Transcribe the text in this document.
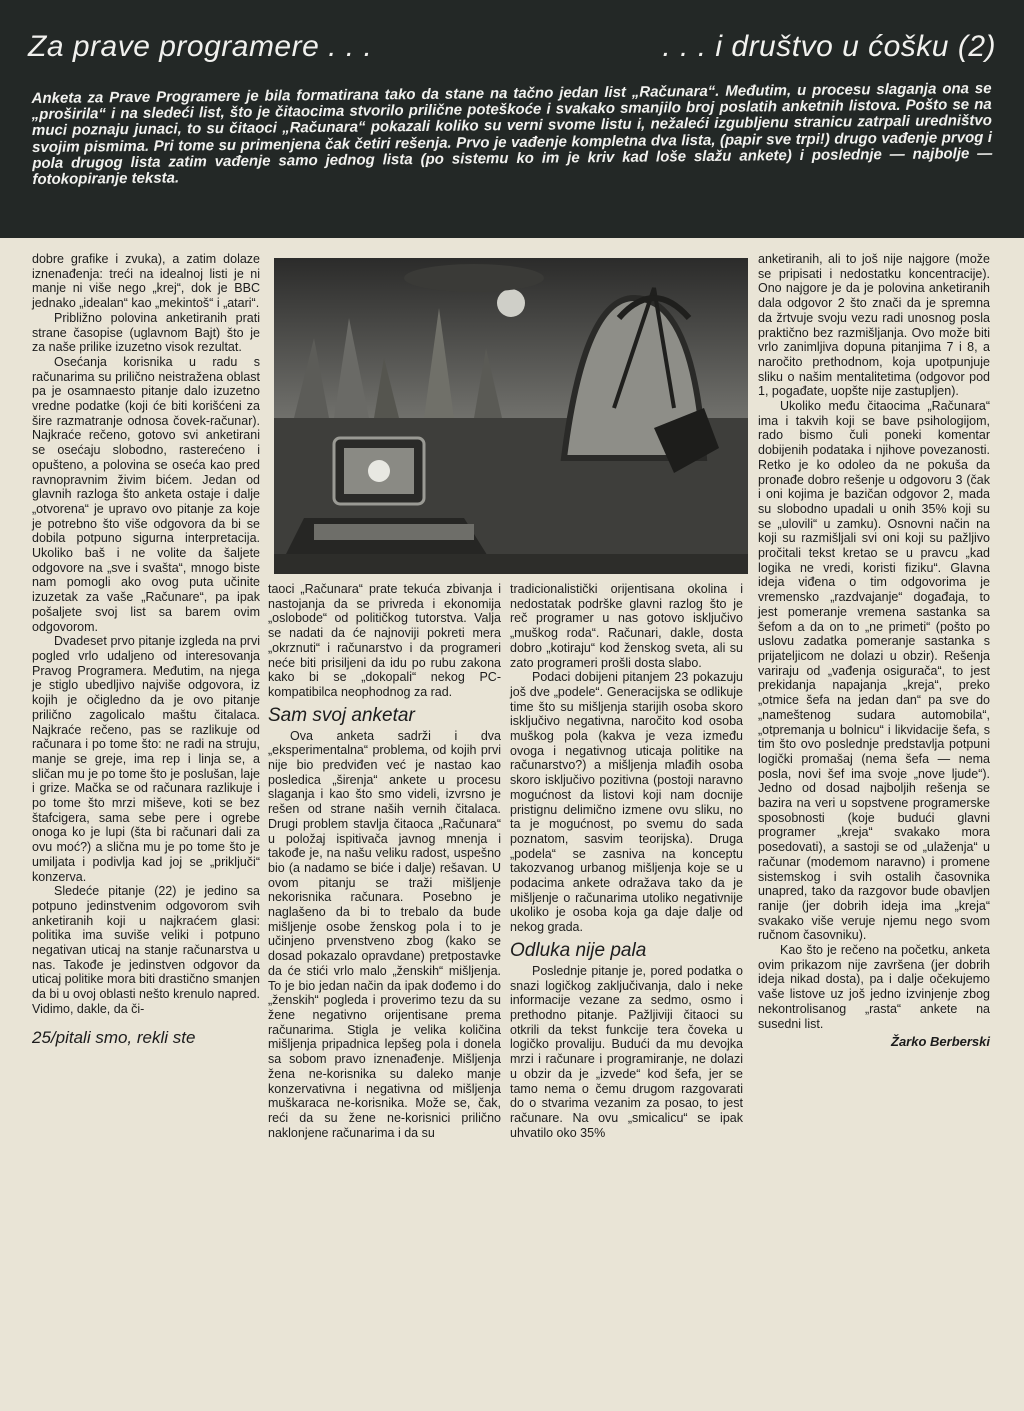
Za prave programere . . .	. . . i društvo u ćošku (2)
Anketa za Prave Programere je bila formatirana tako da stane na tačno jedan list „Računara“. Međutim, u procesu slaganja ona se „proširila“ i na sledeći list, što je čitaocima stvorilo prilične poteškoće i svakako smanjilo broj poslatih anketnih listova. Pošto se na muci poznaju junaci, to su čitaoci „Računara“ pokazali koliko su verni svome listu i, nežaleći izgubljenu stranicu zatrpali uredništvo svojim pismima. Pri tome su primenjena čak četiri rešenja. Prvo je vađenje kompletna dva lista, (papir sve trpi!) drugo vađenje prvog i pola drugog lista zatim vađenje samo jednog lista (po sistemu ko im je kriv kad loše slažu ankete) i poslednje — najbolje — fotokopiranje teksta.

dobre grafike i zvuka), a zatim dolaze iznenađenja: treći na idealnoj listi je ni manje ni više nego „krej“, dok je BBC jednako „idealan“ kao „mekintoš“ i „atari“.

Približno polovina anketiranih prati strane časopise (uglavnom Bajt) što je za naše prilike izuzetno visok rezultat.

Osećanja korisnika u radu s računarima su prilično neistražena oblast pa je osamnaesto pitanje dalo izuzetno vredne podatke (koji će biti korišćeni za šire razmatranje odnosa čovek-računar). Najkraće rečeno, gotovo svi anketirani se osećaju slobodno, rasterećeno i opušteno, a polovina se oseća kao pred ravnopravnim živim bićem. Jedan od glavnih razloga što anketa ostaje i dalje „otvorena“ je upravo ovo pitanje za koje je potrebno što više odgovora da bi se dobila potpuno sigurna interpretacija. Ukoliko baš i ne volite da šaljete odgovore na „sve i svašta“, mnogo biste nam pomogli ako ovog puta učinite izuzetak za vaše „Računare“, pa ipak pošaljete svoj list sa barem ovim odgovorom.

Dvadeset prvo pitanje izgleda na prvi pogled vrlo udaljeno od interesovanja Pravog Programera. Međutim, na njega je stiglo ubedljivo najviše odgovora, iz kojih je očigledno da je ovo pitanje prilično zagolicalo maštu čitalaca. Najkraće rečeno, pas se razlikuje od računara i po tome što: ne radi na struju, manje se greje, ima rep i linja se, a sličan mu je po tome što je poslušan, laje i grize. Mačka se od računara razlikuje i po tome što mrzi miševe, koti se bez štafcigera, sama sebe pere i ogrebe onoga ko je lupi (šta bi računari dali za ovu moć?) a slična mu je po tome što je umiljata i podivlja kad joj se „priključi“ konzerva.

Sledeće pitanje (22) je jedino sa potpuno jedinstvenim odgovorom svih anketiranih koji u najkraćem glasi: politika ima suviše veliki i potpuno negativan uticaj na stanje računarstva u nas. Takođe je jedinstven odgovor da uticaj politike mora biti drastično smanjen da bi u ovoj oblasti nešto krenulo napred. Vidimo, dakle, da či-

25/pitali smo, rekli ste

taoci „Računara“ prate tekuća zbivanja i nastojanja da se privreda i ekonomija „oslobode“ od političkog tutorstva. Valja se nadati da će najnoviji pokreti mera „okrznuti“ i računarstvo i da programeri neće biti prisiljeni da idu po rubu zakona kako bi se „dokopali“ nekog PC-kompatibilca neophodnog za rad.

Sam svoj anketar

Ova anketa sadrži i dva „eksperimentalna“ problema, od kojih prvi nije bio predviđen već je nastao kao posledica „širenja“ ankete u procesu slaganja i kao što smo videli, izvrsno je rešen od strane naših vernih čitalaca. Drugi problem stavlja čitaoca „Računara“ u položaj ispitivača javnog mnenja i takođe je, na našu veliku radost, uspešno bio (a nadamo se biće i dalje) rešavan. U ovom pitanju se traži mišljenje nekorisnika računara. Posebno je naglašeno da bi to trebalo da bude mišljenje osobe ženskog pola i to je učinjeno prvenstveno zbog (kako se dosad pokazalo opravdane) pretpostavke da će stići vrlo malo „ženskih“ mišljenja. To je bio jedan način da ipak dođemo i do „ženskih“ pogleda i proverimo tezu da su žene negativno orijentisane prema računarima. Stigla je velika količina mišljenja pripadnica lepšeg pola i donela sa sobom pravo iznenađenje. Mišljenja žena ne-korisnika su daleko manje konzervativna i negativna od mišljenja muškaraca ne-korisnika. Može se, čak, reći da su žene ne-korisnici prilično naklonjene računarima i da su

tradicionalistički orijentisana okolina i nedostatak podrške glavni razlog što je reč programer u nas gotovo isključivo „muškog roda“. Računari, dakle, dosta dobro „kotiraju“ kod ženskog sveta, ali su zato programeri prošli dosta slabo.

Podaci dobijeni pitanjem 23 pokazuju još dve „podele“. Generacijska se odlikuje time što su mišljenja starijih osoba skoro isključivo negativna, naročito kod osoba muškog pola (kakva je veza između ovoga i negativnog uticaja politike na računarstvo?) a mišljenja mlađih osoba skoro isključivo pozitivna (postoji naravno mogućnost da listovi koji nam docnije pristignu delimično izmene ovu sliku, no ta je mogućnost, po svemu do sada poznatom, sasvim teorijska). Druga „podela“ se zasniva na konceptu takozvanog urbanog mišljenja koje se u podacima ankete odražava tako da je mišljenje o računarima utoliko negativnije ukoliko je osoba koja ga daje dalje od nekog grada.

Odluka nije pala

Poslednje pitanje je, pored podatka o snazi logičkog zaključivanja, dalo i neke informacije vezane za sedmo, osmo i prethodno pitanje. Pažljiviji čitaoci su otkrili da tekst funkcije tera čoveka u logičko provaliju. Budući da mu devojka mrzi i računare i programiranje, ne dolazi u obzir da je „izvede“ kod šefa, jer se tamo nema o čemu drugom razgovarati do o stvarima vezanim za posao, to jest računare. Na ovu „smicalicu“ se ipak uhvatilo oko 35%

anketiranih, ali to još nije najgore (može se pripisati i nedostatku koncentracije). Ono najgore je da je polovina anketiranih dala odgovor 2 što znači da je spremna da žrtvuje svoju vezu radi unosnog posla praktično bez razmišljanja. Ovo može biti vrlo zanimljiva dopuna pitanjima 7 i 8, a naročito prethodnom, koja upotpunjuje sliku o našim mentalitetima (odgovor pod 1, pogađate, uopšte nije zastupljen).

Ukoliko među čitaocima „Računara“ ima i takvih koji se bave psihologijom, rado bismo čuli poneki komentar dobijenih podataka i njihove povezanosti. Retko je ko odoleo da ne pokuša da pronađe dobro rešenje u odgovoru 3 (čak i oni kojima je bazičan odgovor 2, mada su slobodno upadali u onih 35% koji su se „ulovili“ u zamku). Osnovni način na koji su razmišljali svi oni koji su pažljivo pročitali tekst kretao se u pravcu „kad logika ne vredi, koristi fiziku“. Glavna ideja viđena o tim odgovorima je vremensko „razdvajanje“ događaja, to jest pomeranje vremena sastanka sa šefom a da on to „ne primeti“ (pošto po uslovu zadatka pomeranje sastanka s prijateljicom ne dolazi u obzir). Rešenja variraju od „vađenja osigurača“, to jest prekidanja napajanja „kreja“, preko „otmice šefa na jedan dan“ pa sve do „nameštenog sudara automobila“, „otpremanja u bolnicu“ i likvidacije šefa, s tim što ovo poslednje predstavlja potpuni logički promašaj (nema šefa — nema posla, novi šef ima svoje „nove ljude“). Jedno od dosad najboljih rešenja se bazira na veri u sopstvene programerske sposobnosti (koje budući glavni programer „kreja“ svakako mora posedovati), a sastoji se od „ulaženja“ u računar (modemom naravno) i promene sistemskog i svih ostalih časovnika unapred, tako da razgovor bude obavljen ranije (jer dobrih ideja ima „kreja“ svakako više veruje njemu nego svom ručnom časovniku).

Kao što je rečeno na početku, anketa ovim prikazom nije završena (jer dobrih ideja nikad dosta), pa i dalje očekujemo vaše listove uz još jedno izvinjenje zbog nekontrolisanog „rasta“ ankete na susedni list.

Žarko Berberski
